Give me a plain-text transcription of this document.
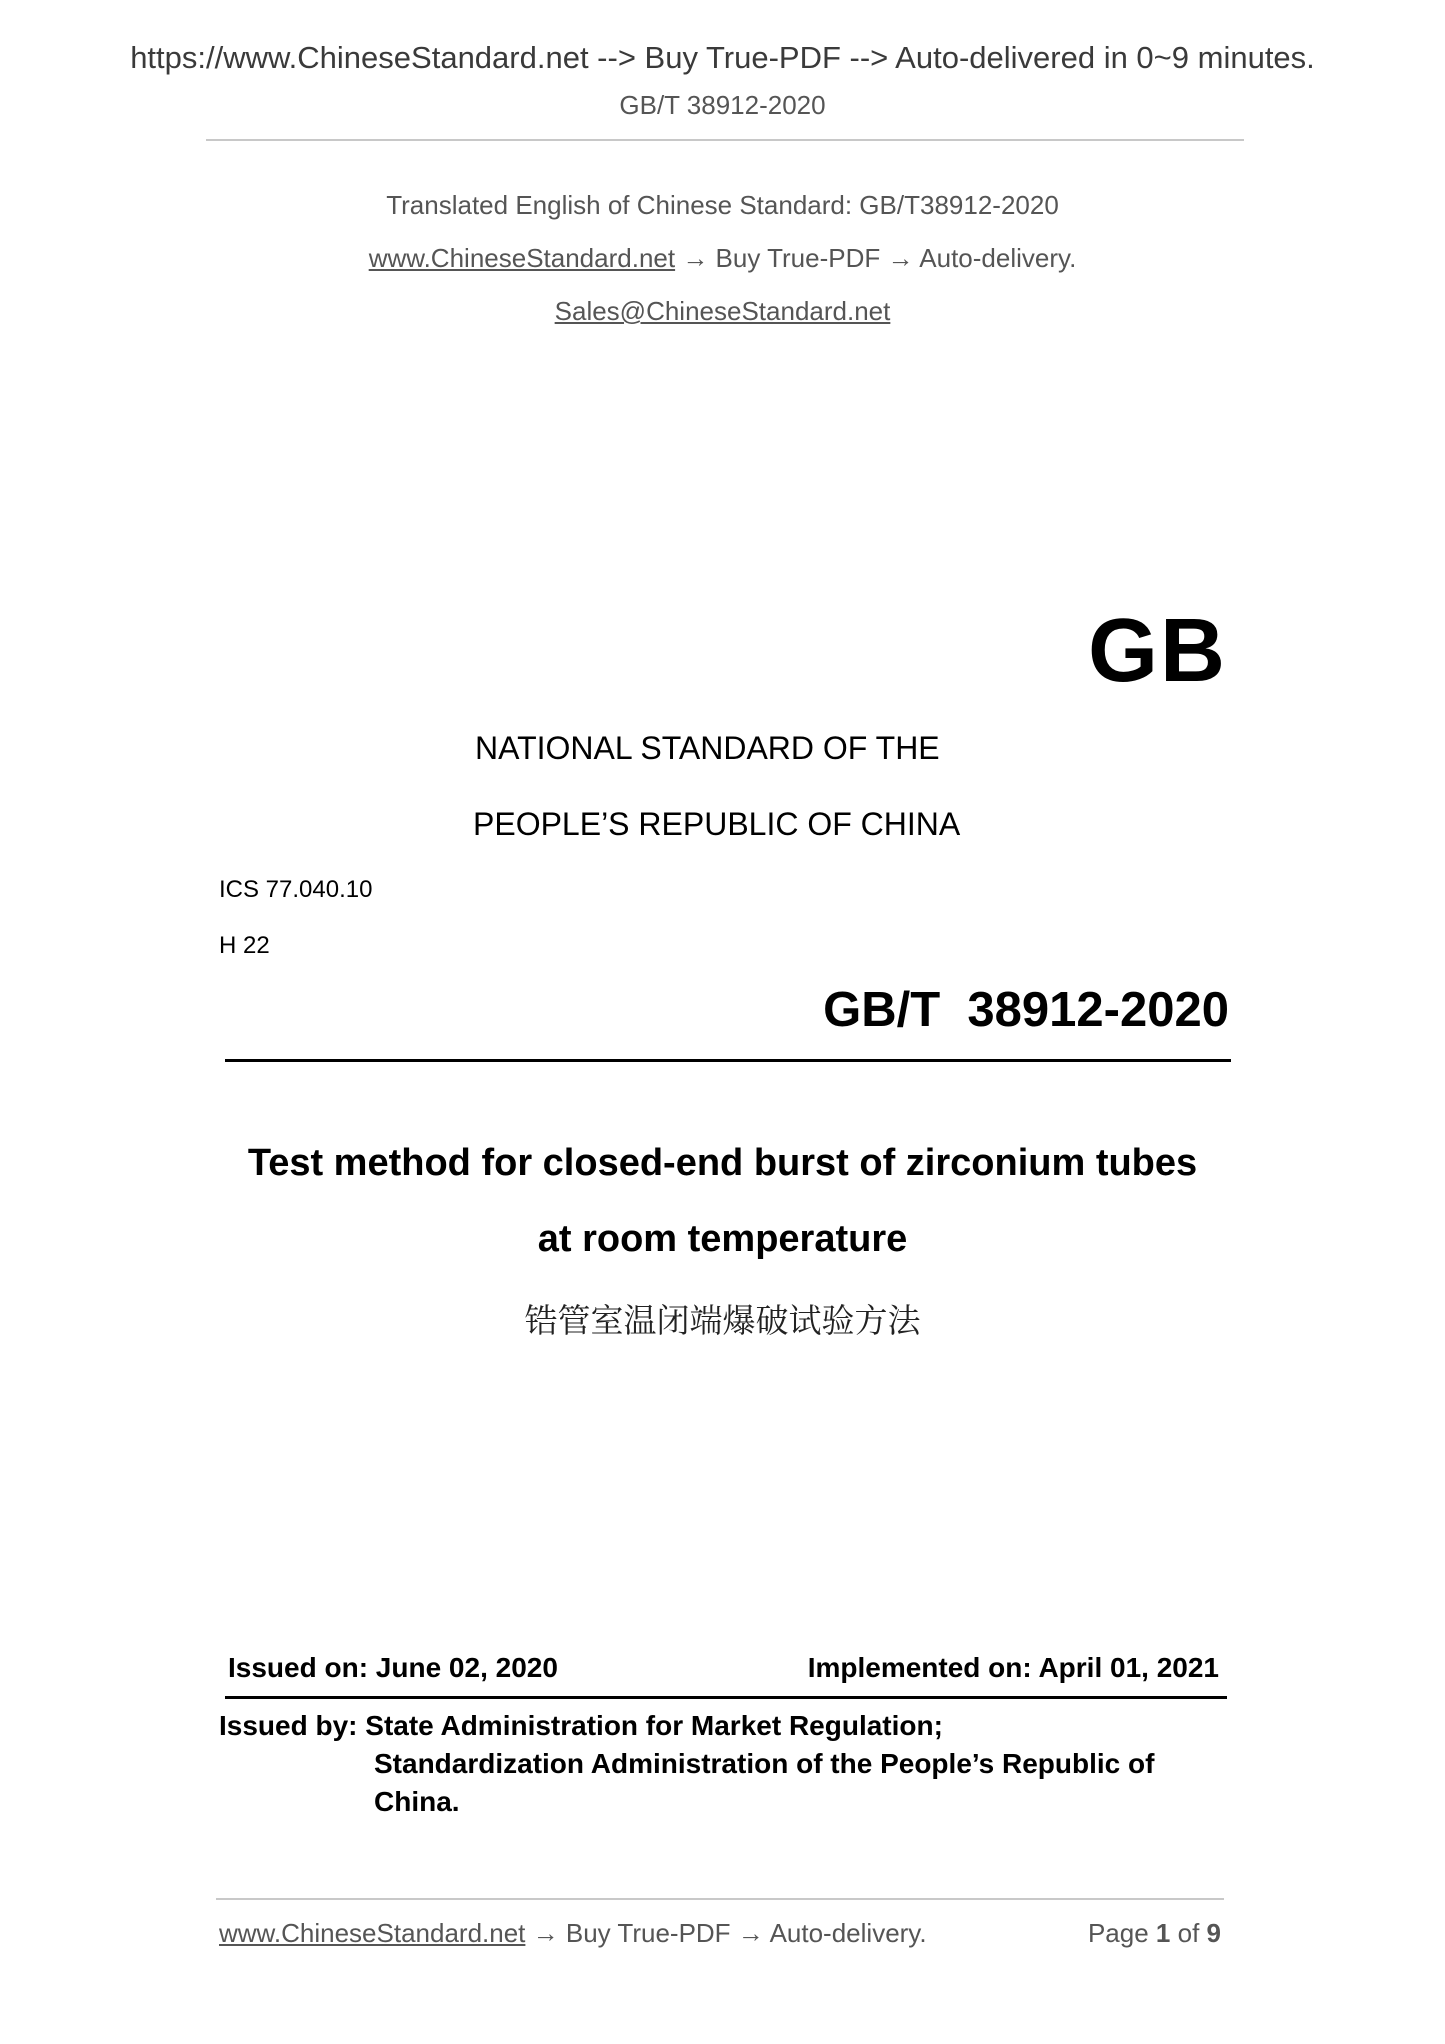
https://www.ChineseStandard.net --> Buy True-PDF --> Auto-delivered in 0~9 minutes.
GB/T 38912-2020
Translated English of Chinese Standard: GB/T38912-2020
www.ChineseStandard.net → Buy True-PDF → Auto-delivery.
Sales@ChineseStandard.net
GB
NATIONAL STANDARD OF THE
PEOPLE’S REPUBLIC OF CHINA
ICS 77.040.10
H 22
GB/T  38912-2020
Test method for closed-end burst of zirconium tubes
at room temperature
锆管室温闭端爆破试验方法
Issued on: June 02, 2020	Implemented on: April 01, 2021
Issued by: State Administration for Market Regulation;
Standardization Administration of the People’s Republic of
China.
www.ChineseStandard.net → Buy True-PDF → Auto-delivery.	Page 1 of 9
